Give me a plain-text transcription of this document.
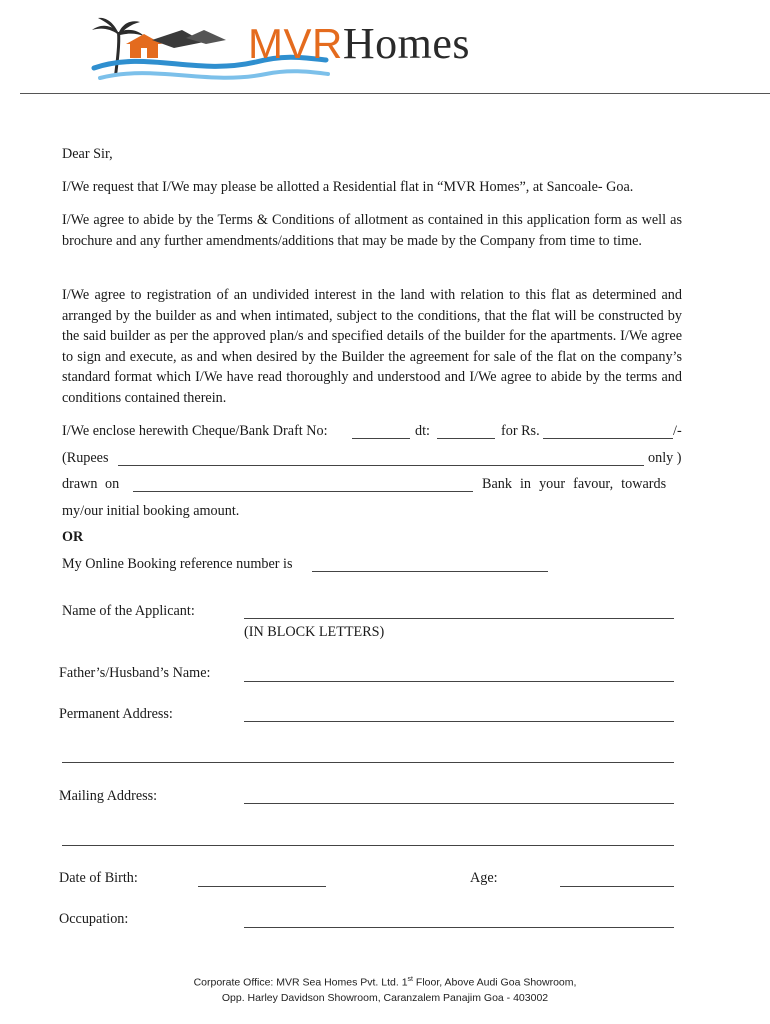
MVRHomes
Dear Sir,
I/We request that I/We may please be allotted a Residential flat in “MVR Homes”, at Sancoale- Goa.
I/We agree to abide by the Terms & Conditions of allotment as contained in this application form as well as brochure and any further amendments/additions that may be made by the Company from time to time.
I/We agree to registration of an undivided interest in the land with relation to this flat as determined and arranged by the builder as and when intimated, subject to the conditions, that the flat will be constructed by the said builder as per the approved plan/s and specified details of the builder for the apartments. I/We agree to sign and execute, as and when desired by the Builder the agreement for sale of the flat on the company’s standard format which I/We have read thoroughly and understood and I/We agree to abide by the terms and conditions contained therein.
I/We enclose herewith Cheque/Bank Draft No:	dt:	for Rs.	/-
(Rupees	only )
drawn on	Bank in your favour, towards
my/our initial booking amount.
OR
My Online Booking reference number is
Name of the Applicant:
(IN BLOCK LETTERS)
Father’s/Husband’s Name:
Permanent Address:
Mailing Address:
Date of Birth:	Age:
Occupation:
Corporate Office: MVR Sea Homes Pvt. Ltd. 1st Floor, Above Audi Goa Showroom,
Opp. Harley Davidson Showroom, Caranzalem Panajim Goa - 403002
